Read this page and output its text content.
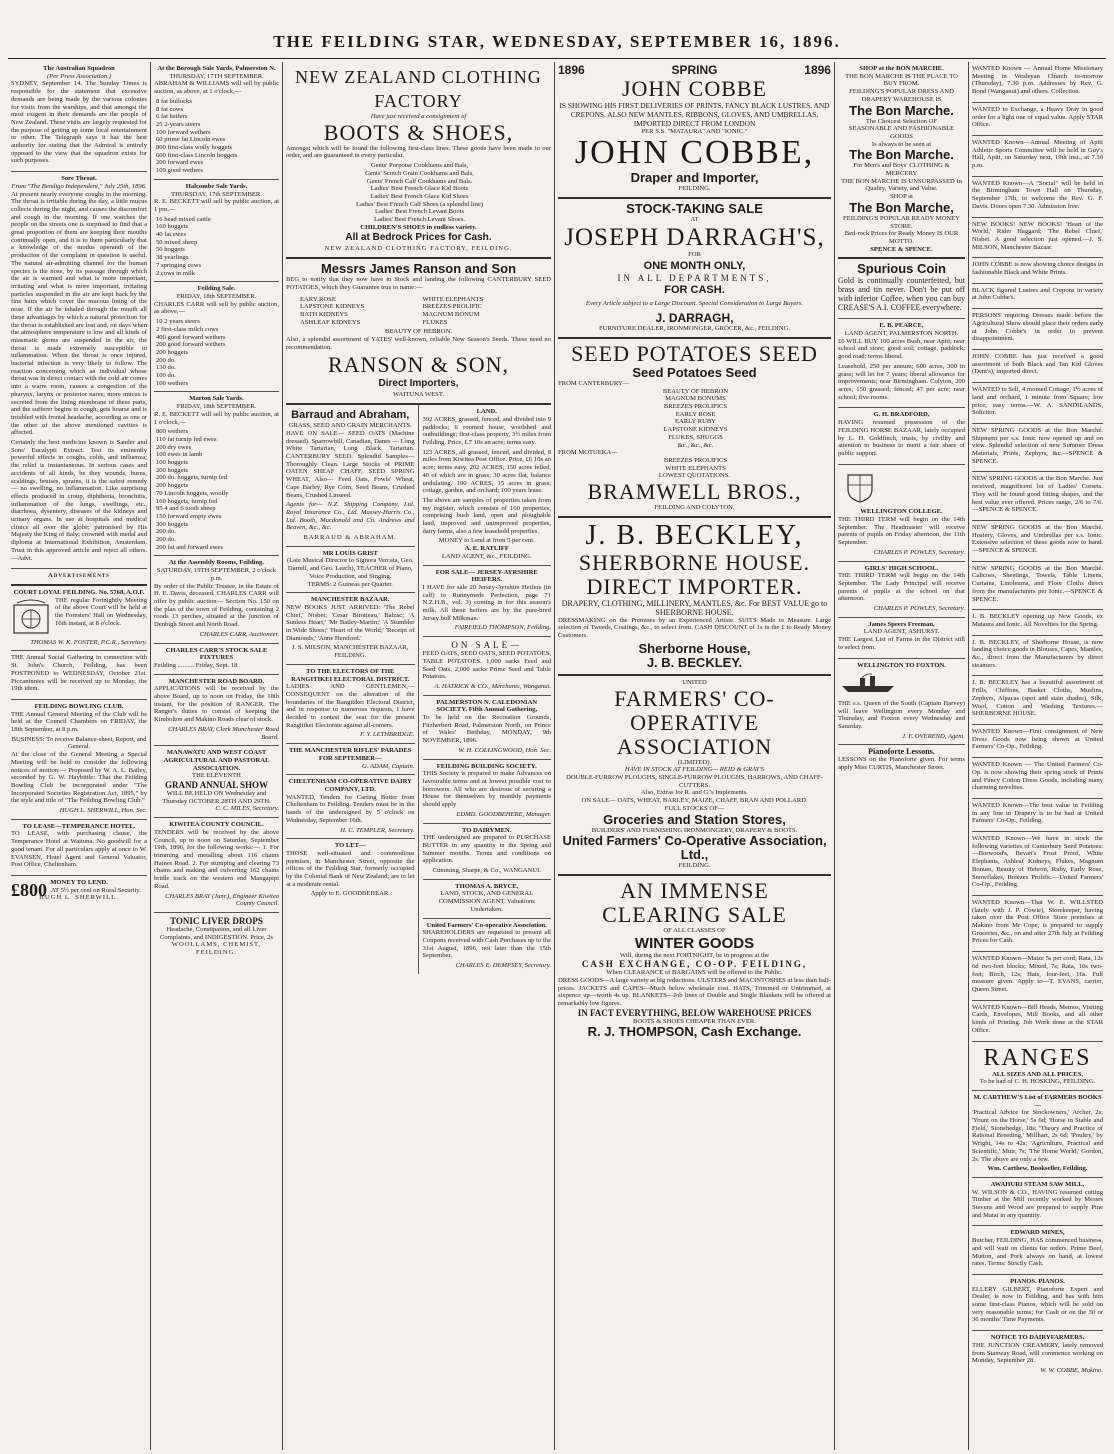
THE FEILDING STAR, WEDNESDAY, SEPTEMBER 16, 1896.
The Australian Squadron
(Per Press Association.)
SYDNEY, September 14. The Sunday Times is responsible for the statement that excessive demands are being made by the various colonies for visits from the warships, and that amongst the most exigent in their demands are the people of New Zealand. These visits are largely requested for the purpose of getting up some local entertainment or other. The Telegraph says it has the best authority for stating that the Admiral is entirely opposed to the view that the squadron exists for such purposes.
Sore Throat.
From "The Bendigo Independent," July 25th, 1896.
At present nearly everyone coughs in the morning. The throat is irritable during the day, a little mucus collects during the night, and causes the discomfort and cough in the morning. If one watches the people on the streets one is surprised to find that a great proportion of them are keeping their mouths continually open, and it is to them particularly that a knowledge of the modus operandi of the production of the complaint in question is useful. The natural air-admitting channel for the human species is the nose, by its passage through which the air is warmed and what is more important, irritating and what is more important, irritating particles suspended in the air are kept back by the fine hairs which cover the mucous lining of the nose. If the air be inhaled through the mouth all these advantages by which a natural protection for the throat is established are lost and, on days when the atmosphere temperature is low and all kinds of miasmatic germs are suspended in the air, the throat is made extremely susceptible to inflammation. When the throat is once injured, bacterial infection is very likely to follow. The reaction concerning which an individual whose throat was in direct contact with the cold air comes into a warm room, causes a congestion of the pharynx, larynx or posterior nares; more mucus is secreted from the lining membrane of these parts, and the sufferer begins to cough, gets hoarse and is troubled with frontal headache, according as one or the other of the above mentioned cavities is affected.
Certainly the best medicine known is Sander and Sons' Eucalypti Extract. Test its eminently powerful effects in coughs, colds, and influenza; the relief is instantaneous. In serious cases and accidents of all kinds, be they wounds, burns, scaldings, bruises, sprains, it is the safest remedy — no swelling, no inflammation. Like surprising effects produced in croup, diphtheria, bronchitis, inflammation of the lungs, swellings, etc., diarrhoea, dysentery, diseases of the kidneys and urinary organs. In use at hospitals and medical clinics all over the globe; patronised by His Majesty the King of Italy; crowned with medal and diploma at International Exhibition, Amsterdam. Trust in this approved article and reject all others.—Advt.
Advertisements
COURT LOYAL FEILDING. No. 5768, A.O.F.
THE regular Fortnightly Meeting of the above Court will be held at the Foresters' Hall on Wednesday, 16th instant, at 8 o'clock.
THOMAS W. K. FOSTER, P.C.R., Secretary.
THE Annual Social Gathering in connection with St. John's Church, Feilding, has been POSTPONED to WEDNESDAY, October 21st. Piccaninnies will be received up to Monday, the 19th idem.
FEILDING BOWLING CLUB.
THE Annual General Meeting of the Club will be held at the Council Chambers on FRIDAY, the 18th September, at 8 p.m.
BUSINESS: To receive Balance-sheet, Report, and General.
At the close of the General Meeting a Special Meeting will be held to consider the following notices of motion:— Proposed by W. A. L. Bailey, seconded by G. W. Haybittle: That the Feilding Bowling Club be incorporated under "The Incorporated Societies Registration Act, 1895," by the style and title of "The Feilding Bowling Club."
HUGH L. SHERWILL, Hon. Sec.
TO LEASE—TEMPERANCE HOTEL.
TO LEASE, with purchasing clause, the Temperance Hotel at Waituna. No goodwill for a good tenant. For all particulars apply at once to W. EVANSEN, Hotel Agent and General Valuator, Post Office, Cheltenham.
MONEY TO LEND.
£800 AT 5½ per cent on Rural Security.
HUGH L. SHERWILL.
At the Borough Sale Yards, Palmerston N.
THURSDAY, 17TH SEPTEMBER.
ABRAHAM & WILLIAMS will sell by public auction, as above, at 1 o'clock,—
8 fat bullocks
8 fat cows
6 fat heifers
25 2-years steers
100 forward wethers
60 prime fat Lincoln ewes
800 first-class wolly hoggets
600 first-class Lincoln hoggets
200 forward ewes
109 good wethers
Halcombe Sale Yards.
THURSDAY, 17th SEPTEMBER.
R. E. BECKETT will sell by public auction, at 1 pm.—
16 head mixed cattle
160 hoggets
40 fat ewes
50 mixed sheep
50 hoggets
38 yearlings
7 springing cows
2 cows in milk
Feilding Sale.
FRIDAY, 18th SEPTEMBER.
CHARLES CARR will sell by public auction, as above,—
10 2 years steers
2 first-class milch cows
400 good forward wethers
200 good forward wethers
200 hoggets
200 do.
130 do.
100 do.
100 wethers
Marton Sale Yards.
FRIDAY, 18th SEPTEMBER.
R. E. BECKETT will sell by public auction, at 1 o'clock,—
800 wethers
110 fat turnip fed ewes
200 dry ewes
100 ewes in lamb
100 hoggets
200 hoggets
200 do. hoggets, turnip fed
200 hoggets
70 Lincoln hoggets, woolly
160 hoggets, turnip fed
95 4 and 6 tooth sheep
150 forward empty ewes
300 hoggets
200 do.
200 do.
200 fat and forward ewes
At the Assembly Rooms, Feilding.
SATURDAY, 19TH SEPTEMBER, 2 o'clock p.m.
By order of the Public Trustee, in the Estate of H. E. Davis, deceased. CHARLES CARR will offer by public auction— Section No. 150 on the plan of the town of Feilding, containing 2 roods 13 perches, situated at the junction of Denbigh Street and North Road.
CHARLES CARR, Auctioneer.
CHARLES CARR'S STOCK SALE FIXTURES
Feilding .......... Friday, Sept. 18
MANCHESTER ROAD BOARD.
APPLICATIONS will be received by the above Board, up to noon on Friday, the 18th instant, for the position of RANGER. The Ranger's duties to consist of keeping the Kimbolton and Makino Roads clear of stock.
CHARLES BRAY, Clerk Manchester Road Board.
MANAWATU AND WEST COAST AGRICULTURAL AND PASTORAL ASSOCIATION.
THE ELEVENTH
GRAND ANNUAL SHOW
WILL BE HELD ON Wednesday and Thursday OCTOBER 28TH AND 29TH.
C. C. MILES, Secretary.
KIWITEA COUNTY COUNCIL.
TENDERS will be received by the above Council, up to noon on Saturday, September 19th, 1896, for the following works:— 1. For trimming and metalling about 116 chains Haines Road. 2. For stumping and clearing 73 chains and making and culverting 162 chains bridle track on the western end Mangapipi Road.
CHARLES BRAY (Junr.), Engineer Kiwitea County Council.
TONIC LIVER DROPS
Headache, Constipation, and all Liver Complaints, and INDIGESTION. Price, 2s
WOOLLAMS, CHEMIST, FEILDING.
NEW ZEALAND CLOTHING FACTORY
Have just received a consignment of
BOOTS & SHOES,
Amongst which will be found the following first-class lines. These goods have been made to our order, and are guaranteed in every particular.
Gents' Porpoise Cookhams and Bals,
Gents' Scotch Grain Cookhams and Bals,
Gents' French Calf Cookhams and Bals.
Ladies' Best French Glace Kid Boots
Ladies' Best French Glace Kid Shoes
Ladies' Best French Calf Shoes (a splendid line)
Ladies' Best French Levant Boots
Ladies' Best French Levant Shoes.
CHILDREN'S SHOES in endless variety.
All at Bedrock Prices for Cash.
NEW ZEALAND CLOTHING FACTORY, FEILDING.
Messrs James Ranson and Son
BEG to notify that they now have in Stock and landing the following CANTERBURY SEED POTATOES, which they Guarantee true to name:—
EARY ROSE
LAPSTONE KIDNEYS
BATH KIDNEYS
ASHLEAF KIDNEYS
WHITE ELEPHANTS
BREEZES PROLIFIC
MAGNUM BONUM
FLUKES
BEAUTY OF HEBRON.
Also, a splendid assortment of YATES' well-known, reliable New Season's Seeds. These need no recommendation.
RANSON & SON,
Direct Importers,
WAITUNA WEST.
Barraud and Abraham,
GRASS, SEED AND GRAIN MERCHANTS.
HAVE ON SALE— SEED OATS (Machine dressed). Sparrowbill, Canadian, Danes — Long White Tartarian, Long Black Tartarian. CANTERBURY SEED. Splendid Samples—Thoroughly Clean. Large Stocks of PRIME OATEN SHEAF CHAFF, SEED SPRING WHEAT, Also— Feed Oats, Fowls' Wheat, Cape Barley, Rye Corn, Seed Beans, Crushed Beans, Crushed Linseed.
Agents for— N.Z. Shipping Company, Ltd. Royal Insurance Co., Ltd. Massey-Harris Co., Ltd. Booth, Macdonald and Co. Andrews and Beaven, &c., &c.
BARRAUD & ABRAHAM.
MR LOUIS GRIST
(Late Musical Director to Signora Vercata, Geo. Darrell, and Geo. Leech), TEACHER of Piano, Voice Production, and Singing.
TERMS: 2 Guineas per Quarter.
MANCHESTER BAZAAR.
NEW BOOKS JUST ARRIVED: 'The Rebel Chief,' Nisbet; 'Cesar Birotteau,' Balzac; 'A Sunless Heart;' 'Mr Bailey-Martin;' 'A Stumbler in Wide Shoes;' 'Heart of the World;' 'Receipt of Diamonds;' 'Anne Hereford.'
J. S. MILSON, MANCHESTER BAZAAR, FEILDING.
TO THE ELECTORS OF THE RANGITIKEI ELECTORAL DISTRICT.
LADIES AND GENTLEMEN,— CONSEQUENT on the alteration of the boundaries of the Rangitikei Electoral District, and in response to numerous requests, I have decided to contest the seat for the present Rangitikei Electorate against all-comers.
F. Y. LETHBRIDGE.
THE MANCHESTER RIFLES' PARADES FOR SEPTEMBER—
G. ADAM, Captain.
CHELTENHAM CO-OPERATIVE DAIRY COMPANY, LTD.
WANTED, Tenders for Carting Butter from Cheltenham to Feilding. Tenders must be in the hands of the undersigned by 5 o'clock on Wednesday, September 16th.
H. C. TEMPLER, Secretary.
TO LET—
THOSE well-situated and commodious premises, in Manchester Street, opposite the offices of the Feilding Star, formerly occupied by the Colonial Bank of New Zealand; are to let at a moderate rental.
Apply to E. GOODBEHEAR.
LAND.
392 ACRES, grassed, fenced, and divided into 9 paddocks; 6 roomed house, woolshed and outbuildings; first-class property, 3½ miles from Feilding. Price, L7 10s an acre; terms easy.
123 ACRES, all grassed, fenced, and divided, 8 miles from Kiwitea Post Office. Price, £6 10s an acre; terms easy. 202 ACRES, 150 acres felled, 40 of which are in grass; 30 acres flat, balance undulating. 100 ACRES, 15 acres in grass; cottage, garden, and orchard; 100 years lease.
The above are samples of properties taken from my register, which consists of 160 properties, comprising bush land, open and ploughable land, improved and unimproved properties, dairy farms, also a few leasehold properties.
MONEY to Lend at from 5 per cent.
A. E. RATLIFF
LAND AGENT, &c., FEILDING.
FOR SALE— JERSEY-AYRSHIRE HEIFERS.
I HAVE for sale 20 Jersey-Ayrshire Heifers (in calf) to Runnymede Perfection, page 71 N.Z.H.B., vol. 3) coming in for this season's milk. All these heifers are by the pure-bred Jersey bull Milkman.
FAIRFIELD THOMPSON, Feilding.
ON SALE—
FEED OATS, SEED OATS, SEED POTATOES, TABLE POTATOES. 1,000 sacks Feed and Seed Oats. 2,000 sacks Prime Seed and Table Potatoes.
A. HATRICK & CO., Merchants, Wanganui.
PALMERSTON N. CALEDONIAN SOCIETY. Fifth Annual Gathering,
To be held on the Recreation Grounds, Fitzherbert Road, Palmerston North, on Prince of Wales' Birthday, MONDAY, 9th NOVEMBER, 1896.
W. H. COLLINGWOOD, Hon. Sec.
FEILDING BUILDING SOCIETY.
THIS Society is prepared to make Advances on favourable terms and at lowest possible cost to borrowers. All who are desirous of securing a House for themselves by monthly payments should apply
EDMD. GOODBEHERE, Manager.
TO DAIRYMEN.
THE undersigned are prepared to PURCHASE BUTTER in any quantity in the Spring and Summer months. Terms and conditions on application.
Cumming, Sharpe, & Co., WANGANUI.
THOMAS A. BRYCE,
LAND, STOCK, AND GENERAL COMMISSION AGENT. Valuations Undertaken.
United Farmers' Co-operative Association.
SHAREHOLDERS are requested to present all Coupons received with Cash Purchases up to the 31st August, 1896, not later than the 15th September.
CHARLES E. DEMPSEY, Secretary.
1896	SPRING	1896
JOHN COBBE
IS SHOWING HIS FIRST DELIVERIES OF PRINTS, FANCY BLACK LUSTRES, AND CREPONS, ALSO NEW MANTLES, RIBBONS, GLOVES, AND UMBRELLAS, IMPORTED DIRECT FROM LONDON
PER S.S. "MATAURA" AND "IONIC."
JOHN COBBE,
Draper and Importer,
FEILDING.
STOCK-TAKING SALE
AT
JOSEPH DARRAGH'S,
FOR
ONE MONTH ONLY,
IN ALL DEPARTMENTS,
FOR CASH.
Every Article subject to a Large Discount. Special Consideration to Large Buyers.
J. DARRAGH,
FURNITURE DEALER, IRONMONGER, GROCER, &c., FEILDING.
SEED POTATOES SEED
Seed Potatoes Seed
FROM CANTERBURY—
BEAUTY OF HEBRON
MAGNUM BONUMS
BREEZES PROLIFICS
EARLY ROSE
EARLY RUBY
LAPSTONE KIDNEYS
FLUKES, SHUGGS
&c., &c., &c.
FROM MOTUEKA—
BREEZES PROLIFICS
WHITE ELEPHANTS
LOWEST QUOTATIONS.
BRAMWELL BROS.,
FEILDING AND COLYTON.
J. B. BECKLEY,
SHERBORNE HOUSE.
DIRECT IMPORTER.
DRAPERY, CLOTHING, MILLINERY, MANTLES, &c. For BEST VALUE go to SHERBORNE HOUSE.
DRESSMAKING on the Premises by an Experienced Artiste. SUITS Made to Measure. Large selection of Tweeds, Coatings, &c., to select from. CASH DISCOUNT of 1s in the £ to Ready Money Customers.
Sherborne House,
J. B. BECKLEY.
UNITED
FARMERS' CO-OPERATIVE
ASSOCIATION
(LIMITED).
HAVE IN STOCK AT FEILDING— REID & GRAY'S
DOUBLE-FURROW PLOUGHS, SINGLE-FURROW PLOUGHS, HARROWS, AND CHAFF-CUTTERS.
Also, Extras for R. and G.'s Implements.
ON SALE— OATS, WHEAT, BARLEY, MAIZE, CHAFF, BRAN AND POLLARD.
FULL STOCKS OF—
Groceries and Station Stores,
BUILDERS' AND FURNISHING IRONMONGERY, DRAPERY & BOOTS.
United Farmers' Co-Operative Association, Ltd.,
FEILDING.
AN IMMENSE CLEARING SALE
OF ALL CLASSES OF
WINTER GOODS
Will, during the next FORTNIGHT, be in progress at the
CASH EXCHANGE, CO-OP. FEILDING,
When CLEARANCE of BARGAINS will be offered to the Public.
DRESS GOODS—A large variety at big reductions. ULSTERS and MACINTOSHES at less than half-prices. JACKETS and CAPES—Much below wholesale cost. HATS, Trimmed or Untrimmed, at sixpence up—worth 4s up. BLANKETS—Job lines of Double and Single Blankets will be offered at remarkably low figures.
IN FACT EVERYTHING, BELOW WAREHOUSE PRICES
BOOTS & SHOES CHEAPER THAN EVER.
R. J. THOMPSON, Cash Exchange.
SHOP at the BON MARCHE.
THE BON MARCHE IS THE PLACE TO BUY FROM.
FEILDING'S POPULAR DRESS AND DRAPERY WAREHOUSE IS
The Bon Marche.
The Choicest Selection OF
SEASONABLE AND FASHIONABLE GOODS
Is always to be seen at
The Bon Marche.
For Men's and Boys' CLOTHING & MERCERY
THE BON MARCHE IS UNSURPASSED In Quality, Variety, and Value.
SHOP at
The Bon Marche,
FEILDING'S POPULAR READY MONEY STORE.
Bed-rock Prices for Ready Money IS OUR MOTTO.
SPENCE & SPENCE.
Spurious Coin
Gold is continually counterfeited, but brass and tin never. Don't be put off with inferior Coffee, when you can buy CREASE'S A.I. COFFEE everywhere.
E. B. PEARCE,
LAND AGENT, PALMERSTON NORTH.
£6 WILL BUY 100 acres Bush, near Apiti; near school and store; good soil; cottage, paddock; good road; terms liberal.
Leasehold, 250 per annum; 600 acres, 300 in grass; will let for 7 years; liberal allowance for improvements; near Birmingham. Colyton, 200 acres, 150 grassed; fenced; 47 per acre; near school; five rooms.
G. H. BRADFORD,
HAVING resumed possession of the FEILDING HORSE BAZAAR, lately occupied by L. H. Goldfinch, trusts, by civility and attention to business to merit a fair share of public support.
WELLINGTON COLLEGE.
THE THIRD TERM will begin on the 14th September. The Headmaster will receive parents of pupils on Friday afternoon, the 11th September.
CHARLES P. POWLES, Secretary.
GIRLS' HIGH SCHOOL.
THE THIRD TERM will begin on the 14th September. The Lady Principal will receive parents of pupils at the school on that afternoon.
CHARLES P. POWLES, Secretary.
James Speers Freeman,
LAND AGENT, ASHURST.
THE Largest List of Farms in the District still to select from.
WELLINGTON TO FOXTON.
THE s.s. Queen of the South (Captain Harvey) will leave Wellington every Monday and Thursday, and Foxton every Wednesday and Saturday.
J. F. OVEREND, Agent.
Pianoforte Lessons.
LESSONS on the Pianoforte given. For terms apply Miss CURTIS, Manchester Street.
WANTED Known — Annual Home Missionary Meeting in Wesleyan Church to-morrow (Thursday), 7.30 p.m. Addresses by Rev. G. Bond (Wanganui) and others. Collection.
WANTED to Exchange, a Heavy Dray in good order for a light one of equal value. Apply STAR Office.
WANTED Known—Annual Meeting of Apiti Athletic Sports Committee will be held in Guy's Hall, Apiti, on Saturday next, 19th inst., at 7.30 p.m.
WANTED Known—A "Social" will be held in the Birmingham Town Hall on Thursday, September 17th, to welcome the Rev. G. F. Davis. Doors open 7.30. Admission free.
NEW BOOKS! NEW BOOKS! 'Heart of the World,' Rider Haggard; 'The Rebel Chief,' Nisbet. A good selection just opened.—J. S. MILSON, Manchester Bazaar.
JOHN COBBE is now showing choice designs in fashionable Black and White Prints.
BLACK figured Lustres and Crepons in variety at John Cobbe's.
PERSONS requiring Dresses made before the Agricultural Show should place their orders early at John Cobbe's in order to prevent disappointment.
JOHN COBBE has just received a good assortment of both Black and Tan Kid Gloves (Dent's), imported direct.
WANTED to Sell, 4 roomed Cottage, 1½ acres of land and orchard, 1 minute from Square; low price; easy terms.—W. A. SANDILANDS, Solicitor.
NEW SPRING GOODS at the Bon Marché. Shipment per s.s. Ionic now opened up and on view. Splendid selection of new Summer Dress Materials, Prints, Zephyrs, &c.—SPENCE & SPENCE.
NEW SPRING GOODS at the Bon Marché. Just received, magnificent lot of Ladies' Corsets. They will be found good fitting shapes, and the best value ever offered. Prices range, 2/6 to 7/6.—SPENCE & SPENCE.
NEW SPRING GOODS at the Bon Marché. Hosiery, Gloves, and Umbrellas per s.s. Ionic. Extensive selection of these goods now to hand.—SPENCE & SPENCE.
NEW SPRING GOODS at the Bon Marché. Calicoes, Sheetings, Towels, Table Linens, Curtains, Linoleums, and Floor Cloths direct from the manufacturers per Ionic.—SPENCE & SPENCE.
J. B. BECKLEY opening up New Goods, ex Mataura and Ionic. All Novelties for the Spring.
J. B. BECKLEY, of Sherborne House, is now landing choice goods in Blouses, Capes, Mantles, &c., direct from the Manufacturers by direct steamers.
J. B. BECKLEY has a beautiful assortment of Frills, Chiffons, Basket Cloths, Muslins, Zephyrs, Alpacas (spot and stain shades), Silk, Wool, Cotton and Washing Textures.—SHERBORNE HOUSE.
WANTED Known—First consignment of New Dress Goods now being shown at United Farmers' Co-Op., Feilding.
WANTED Known — The United Farmers' Co-Op. is now showing their spring stock of Prints and Fancy Cotton Dress Goods, including many charming novelties.
WANTED Known—The best value in Feilding in any line in Drapery is to be had at United Farmers' Co-Op., Feilding.
WANTED Known—We have in stock the following varieties of Canterbury Seed Potatoes:—Borwood's, Bevan's Frost Proof, White Elephants, Ashleaf Kidneys, Flukes, Magnum Bonum, Beauty of Hebron, Ruby, Early Rose, Snowflakes, Breezes Prolific.—United Farmers' Co-Op., Feilding.
WANTED Known—That W. E. WILLSTED (lately with J. P. Cowie), Storekeeper, having taken over the Post Office Store premises at Makino from Mr Cope, is prepared to supply Groceries, &c., on and after 27th July at Feilding Prices for Cash.
WANTED Known—Maize 5s per cord; Rata, 12s 6d two-feet blocks; Mixed, 7s; Rata, 10s two-feet; Birch, 12s; Hats, four-feet, 16s. Full measure given. Apply to—T. EVANS, carrier, Queen Street.
WANTED Known—Bill Heads, Memos, Visiting Cards, Envelopes, Mill Books, and all other kinds of Printing. Job Work done at the STAR Office.
RANGES
ALL SIZES AND ALL PRICES,
To be had of C. H. HOSKING, FEILDING.
M. CARTHEW'S List of FARMERS BOOKS—
'Practical Advice for Stockowners,' Archer, 2s; 'Yount on the Horse,' 5s 6d; 'Horse in Stable and Field,' Stonehedge, 18s; 'Theory and Practice of Rational Breeding,' Millhart, 2s 6d; 'Poultry,' by Wright, 14s to 42s; 'Agriculture, Practical and Scientific,' Muir, 7s; 'The Home World,' Gordon, 2s. The above are only a few.
Wm. Carthew, Bookseller, Feilding.
AWAHURI STEAM SAW MILL,
W. WILSON & CO., HAVING resumed cutting Timber at the Mill recently worked by Messrs Stevens and Wood are prepared to supply Pine and Matai in any quantity.
EDWARD MINES,
Butcher, FEILDING, HAS commenced business, and will wait on clients for orders. Prime Beef, Mutton, and Pork always on hand, at lowest rates. Terms: Strictly Cash.
PIANOS. PIANOS.
ELLERY GILBERT, Pianoforte Expert and Dealer, is now in Feilding, and has with him some first-class Pianos, which will be sold on very reasonable terms; for Cash or on the 30 or 36 months' Time Payments.
NOTICE TO DAIRYFARMERS.
THE JUNCTION CREAMERY, lately removed from Stanway Road, will commence working on Monday, September 28.
W. W. COBBE, Makino.
